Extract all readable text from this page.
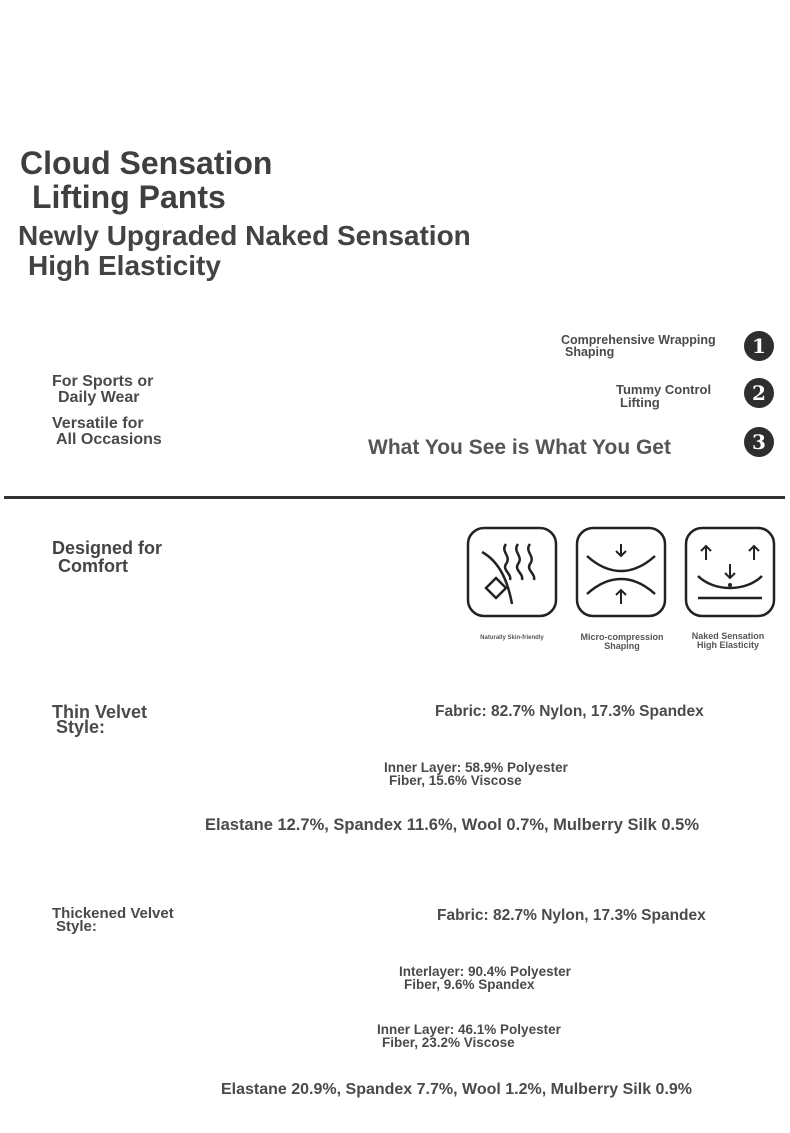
Cloud Sensation
Lifting Pants
Newly Upgraded Naked Sensation
High Elasticity
For Sports or
Daily Wear
Versatile for
All Occasions
Comprehensive Wrapping
Shaping	1
Tummy Control
Lifting	2
What You See is What You Get	3
Designed for
Comfort
Naturally Skin-friendly	Micro-compression
Shaping
Naked Sensation
High Elasticity
Thin Velvet
Style:
Fabric: 82.7% Nylon, 17.3% Spandex
Inner Layer: 58.9% Polyester
Fiber, 15.6% Viscose
Elastane 12.7%, Spandex 11.6%, Wool 0.7%, Mulberry Silk 0.5%
Thickened Velvet
Style:
Fabric: 82.7% Nylon, 17.3% Spandex
Interlayer: 90.4% Polyester
Fiber, 9.6% Spandex
Inner Layer: 46.1% Polyester
Fiber, 23.2% Viscose
Elastane 20.9%, Spandex 7.7%, Wool 1.2%, Mulberry Silk 0.9%
